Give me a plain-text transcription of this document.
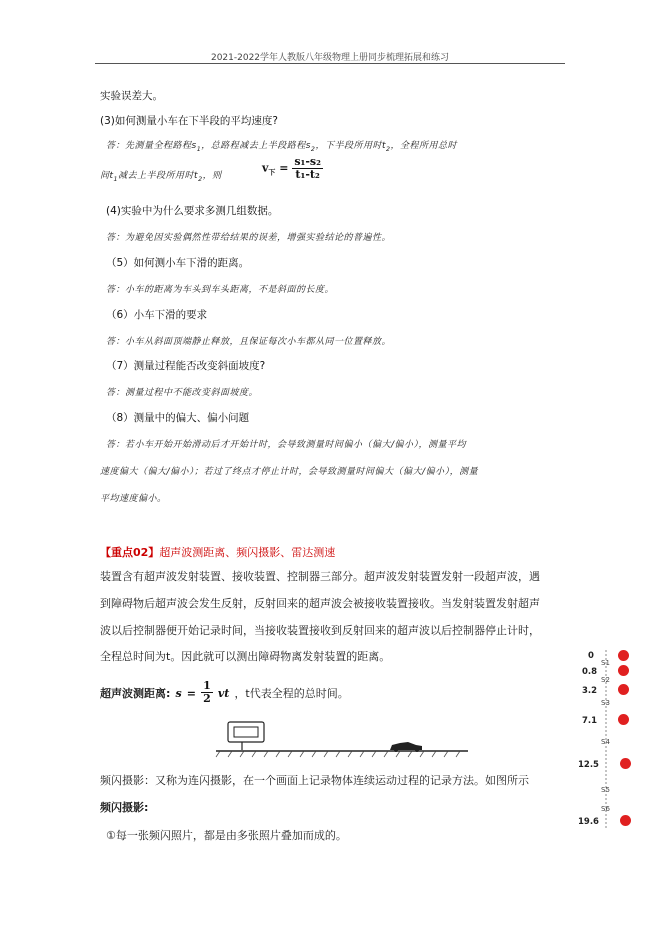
2021-2022学年人教版八年级物理上册同步梳理拓展和练习
实验误差大。
(3)如何测量小车在下半段的平均速度?
答：先测量全程路程$s_1$，总路程减去上半段路程$s_2$，下半段所用时$t_2$，全程所用总时
间$t_1$减去上半段所用时$t_2$，则
$v_下 = \frac{\text{s₁-s₂}}{\text{t₁-t₂}}$
(4)实验中为什么要求多测几组数据。
答：为避免因实验偶然性带给结果的误差，增强实验结论的普遍性。
（5）如何测小车下滑的距离。
答：小车的距离为车头到车头距离，不是斜面的长度。
（6）小车下滑的要求
答：小车从斜面顶端静止释放，且保证每次小车都从同一位置释放。
（7）测量过程能否改变斜面坡度?
答：测量过程中不能改变斜面坡度。
（8）测量中的偏大、偏小问题
答：若小车开始开始滑动后才开始计时，会导致测量时间偏小（偏大/偏小），测量平均
速度偏大（偏大/偏小）；若过了终点才停止计时，会导致测量时间偏大（偏大/偏小），测量
平均速度偏小。
【重点02】超声波测距离、频闪摄影、雷达测速
装置含有超声波发射装置、接收装置、控制器三部分。超声波发射装置发射一段超声波，遇
到障碍物后超声波会发生反射，反射回来的超声波会被接收装置接收。当发射装置发射超声
波以后控制器便开始记录时间，当接收装置接收到反射回来的超声波以后控制器停止计时，
全程总时间为t。因此就可以测出障碍物离发射装置的距离。
超声波测距离: $s = \frac{1}{2}$ vt ，t代表全程的总时间。
频闪摄影：又称为连闪摄影，在一个画面上记录物体连续运动过程的记录方法。如图所示
频闪摄影:
①每一张频闪照片，都是由多张照片叠加而成的。
0
0.8
3.2
7.1
12.5
19.6
S1
S2
S3
S4
S5
S6
